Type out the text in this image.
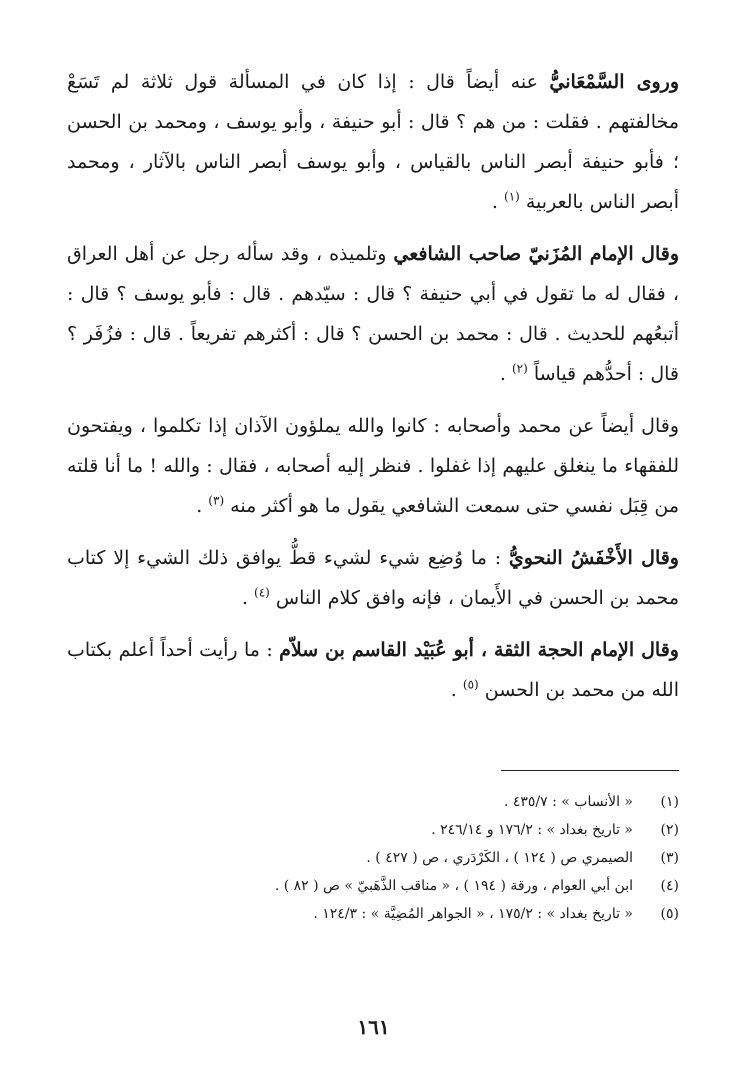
وروى السَّمْعَانيُّ عنه أيضاً قال : إذا كان في المسألة قول ثلاثة لم تَسَعْ مخالفتهم . فقلت : من هم ؟ قال : أبو حنيفة ، وأبو يوسف ، ومحمد بن الحسن ؛ فأبو حنيفة أبصر الناس بالقياس ، وأبو يوسف أبصر الناس بالآثار ، ومحمد أبصر الناس بالعربية $^{(١)}$ .

وقال الإمام المُزَنيّ صاحب الشافعي وتلميذه ، وقد سأله رجل عن أهل العراق ، فقال له ما تقول في أبي حنيفة ؟ قال : سيّدهم . قال : فأبو يوسف ؟ قال : أتبعُهم للحديث . قال : محمد بن الحسن ؟ قال : أكثرهم تفريعاً . قال : فزُفَر ؟ قال : أحدُّهم قياساً $^{(٢)}$ .

وقال أيضاً عن محمد وأصحابه : كانوا والله يملؤون الآذان إذا تكلموا ، ويفتحون للفقهاء ما ينغلق عليهم إذا غفلوا . فنظر إليه أصحابه ، فقال : والله ! ما أنا قلته من قِبَل نفسي حتى سمعت الشافعي يقول ما هو أكثر منه $^{(٣)}$ .

وقال الأَخْفَشُ النحويُّ : ما وُضِع شيء لشيء قطُّ يوافق ذلك الشيء إلا كتاب محمد بن الحسن في الأَيمان ، فإنه وافق كلام الناس $^{(٤)}$ .

وقال الإمام الحجة الثقة ، أبو عُبَيْد القاسم بن سلاّم : ما رأيت أحداً أعلم بكتاب الله من محمد بن الحسن $^{(٥)}$ .

(١)
« الأنساب » : ٤٣٥/٧ .
(٢)
« تاريخ بغداد » : ١٧٦/٢ و ٢٤٦/١٤ .
(٣)
الصيمري ص ( ١٢٤ ) ، الكَرْدَري ، ص ( ٤٢٧ ) .
(٤)
ابن أبي العوام ، ورقة ( ١٩٤ ) ، « مناقب الذَّهَبيّ » ص ( ٨٢ ) .
(٥)
« تاريخ بغداد » : ١٧٥/٢ ، « الجواهر المُضِيَّة » : ١٢٤/٣ .
١٦١
